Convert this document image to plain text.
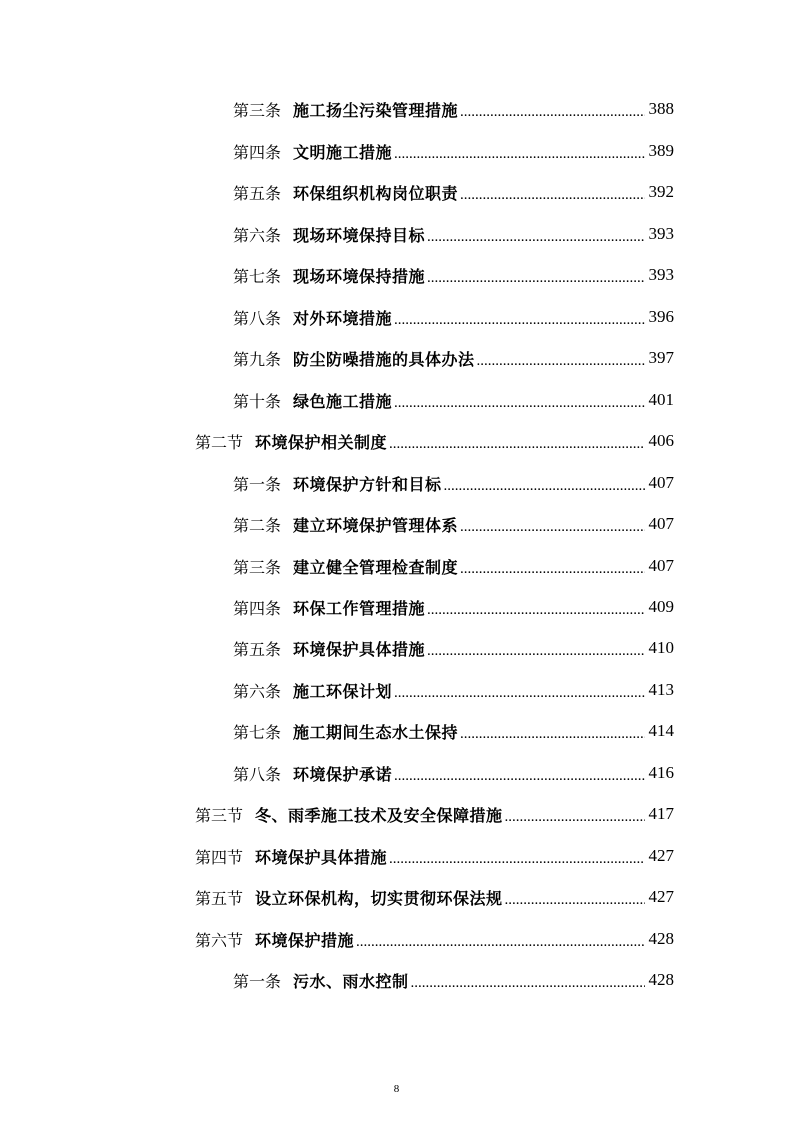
第三条 施工扬尘污染管理措施 .....	388
第四条 文明施工措施 .....	389
第五条 环保组织机构岗位职责 .....	392
第六条 现场环境保持目标 .....	393
第七条 现场环境保持措施 .....	393
第八条 对外环境措施 .....	396
第九条 防尘防噪措施的具体办法 .....	397
第十条 绿色施工措施 .....	401
第二节 环境保护相关制度 .....	406
第一条 环境保护方针和目标 .....	407
第二条 建立环境保护管理体系 .....	407
第三条 建立健全管理检查制度 .....	407
第四条 环保工作管理措施 .....	409
第五条 环境保护具体措施 .....	410
第六条 施工环保计划 .....	413
第七条 施工期间生态水土保持 .....	414
第八条 环境保护承诺 .....	416
第三节 冬、雨季施工技术及安全保障措施 .....	417
第四节 环境保护具体措施 .....	427
第五节 设立环保机构，切实贯彻环保法规 .....	427
第六节 环境保护措施 .....	428
第一条 污水、雨水控制 .....	428
8
